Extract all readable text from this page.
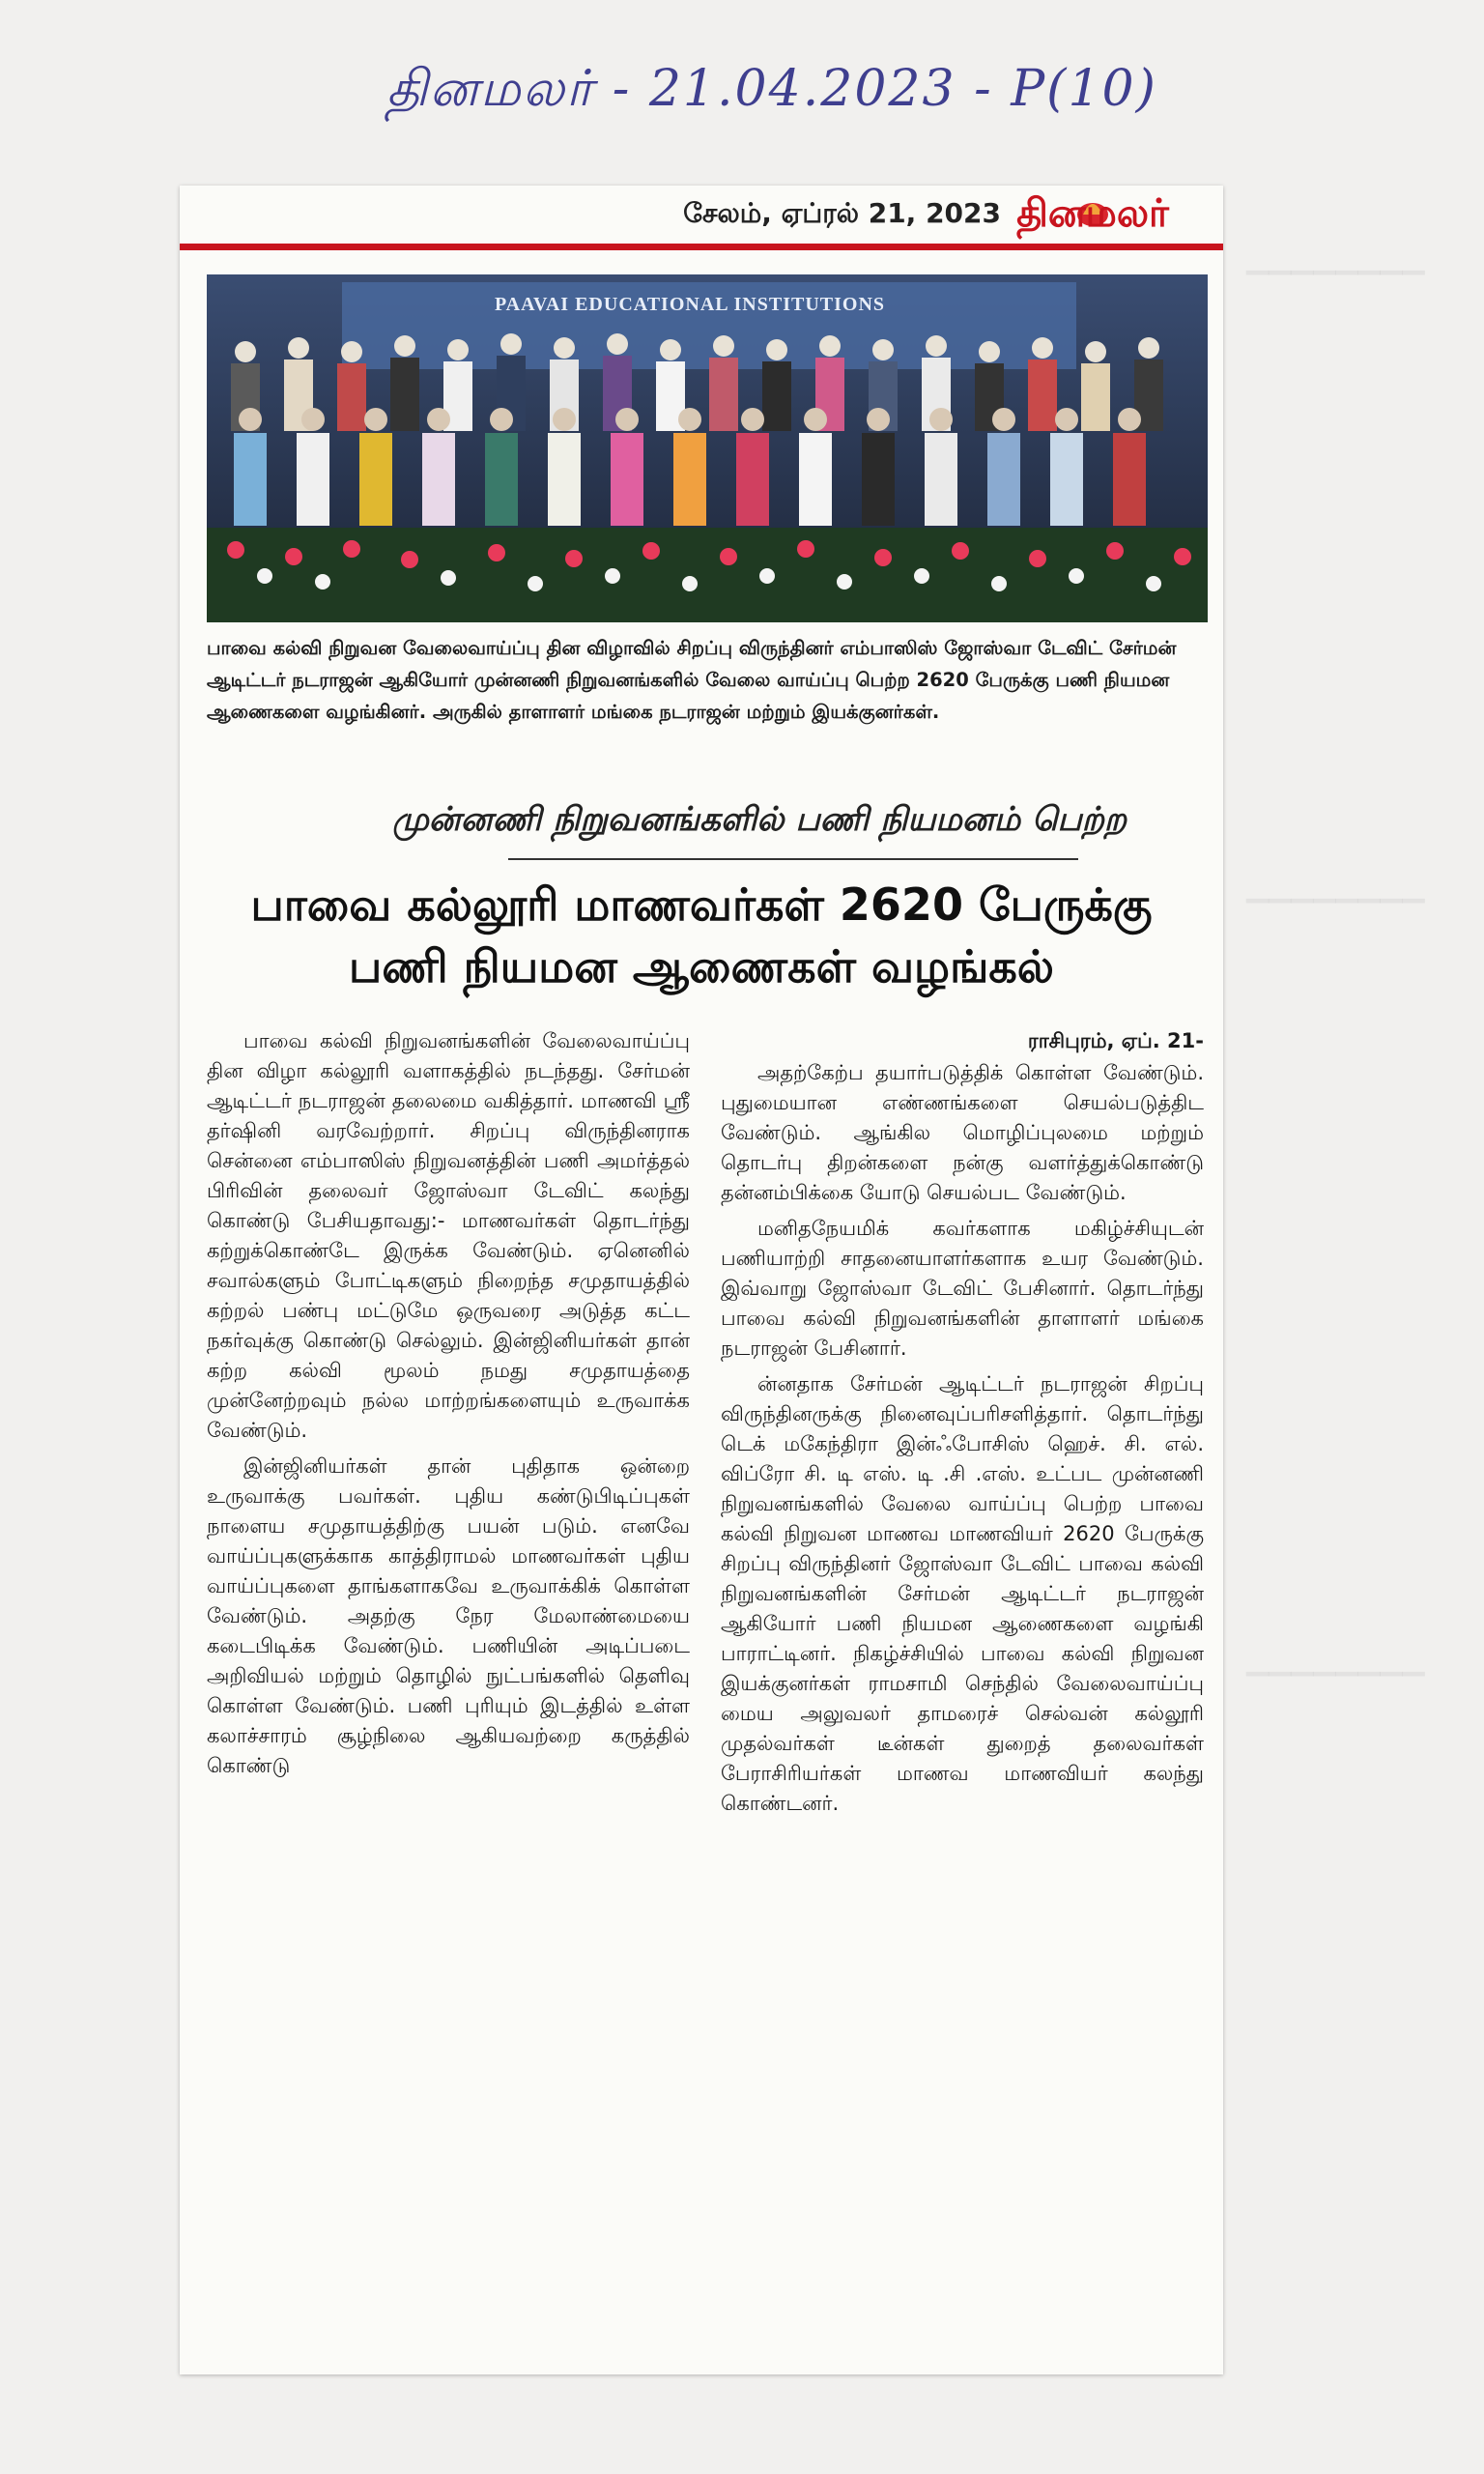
▁▁▁▁▁▁▁▁
▁▁▁▁▁▁▁▁
▁▁▁▁▁▁▁▁
தினமலர் - 21.04.2023 - P(10)
சேலம், ஏப்ரல் 21, 2023 தினமலர்
PAAVAI EDUCATIONAL INSTITUTIONS
பாவை கல்வி நிறுவன வேலைவாய்ப்பு தின விழாவில் சிறப்பு விருந்தினர் எம்பாஸிஸ் ஜோஸ்வா டேவிட் சேர்மன் ஆடிட்டர் நடராஜன் ஆகியோர் முன்னணி நிறுவனங்களில் வேலை வாய்ப்பு பெற்ற 2620 பேருக்கு பணி நியமன ஆணைகளை வழங்கினர். அருகில் தாளாளர் மங்கை நடராஜன் மற்றும் இயக்குனர்கள்.
முன்னணி நிறுவனங்களில் பணி நியமனம் பெற்ற
பாவை கல்லூரி மாணவர்கள் 2620 பேருக்கு
பணி நியமன ஆணைகள் வழங்கல்

பாவை கல்வி நிறுவனங்களின் வேலைவாய்ப்பு தின விழா கல்லூரி வளாகத்தில் நடந்தது. சேர்மன் ஆடிட்டர் நடராஜன் தலைமை வகித்தார். மாணவி ஸ்ரீ தர்ஷினி வரவேற்றார். சிறப்பு விருந்தினராக சென்னை எம்பாஸிஸ் நிறுவனத்தின் பணி அமர்த்தல் பிரிவின் தலைவர் ஜோஸ்வா டேவிட் கலந்து கொண்டு பேசியதாவது:- மாணவர்கள் தொடர்ந்து கற்றுக்கொண்டே இருக்க வேண்டும். ஏனெனில் சவால்களும் போட்டிகளும் நிறைந்த சமுதாயத்தில் கற்றல் பண்பு மட்டுமே ஒருவரை அடுத்த கட்ட நகர்வுக்கு கொண்டு செல்லும். இன்ஜினியர்கள் தான் கற்ற கல்வி மூலம் நமது சமுதாயத்தை முன்னேற்றவும் நல்ல மாற்றங்களையும் உருவாக்க வேண்டும்.

இன்ஜினியர்கள் தான் புதிதாக ஒன்றை உருவாக்கு பவர்கள். புதிய கண்டுபிடிப்புகள் நாளைய சமுதாயத்திற்கு பயன் படும். எனவே வாய்ப்புகளுக்காக காத்திராமல் மாணவர்கள் புதிய வாய்ப்புகளை தாங்களாகவே உருவாக்கிக் கொள்ள வேண்டும். அதற்கு நேர மேலாண்மையை கடைபிடிக்க வேண்டும். பணியின் அடிப்படை அறிவியல் மற்றும் தொழில் நுட்பங்களில் தெளிவு கொள்ள வேண்டும். பணி புரியும் இடத்தில் உள்ள கலாச்சாரம் சூழ்நிலை ஆகியவற்றை கருத்தில் கொண்டு

ராசிபுரம், ஏப். 21-

அதற்கேற்ப தயார்படுத்திக் கொள்ள வேண்டும். புதுமையான எண்ணங்களை செயல்படுத்திட வேண்டும். ஆங்கில மொழிப்புலமை மற்றும் தொடர்பு திறன்களை நன்கு வளர்த்துக்கொண்டு தன்னம்பிக்கை யோடு செயல்பட வேண்டும்.

மனிதநேயமிக் கவர்களாக மகிழ்ச்சியுடன் பணியாற்றி சாதனையாளர்களாக உயர வேண்டும். இவ்வாறு ஜோஸ்வா டேவிட் பேசினார். தொடர்ந்து பாவை கல்வி நிறுவனங்களின் தாளாளர் மங்கை நடராஜன் பேசினார்.

ன்னதாக சேர்மன் ஆடிட்டர் நடராஜன் சிறப்பு விருந்தினருக்கு நினைவுப்பரிசளித்தார். தொடர்ந்து டெக் மகேந்திரா இன்ஃபோசிஸ் ஹெச். சி. எல். விப்ரோ சி. டி எஸ். டி .சி .எஸ். உட்பட முன்னணி நிறுவனங்களில் வேலை வாய்ப்பு பெற்ற பாவை கல்வி நிறுவன மாணவ மாணவியர் 2620 பேருக்கு சிறப்பு விருந்தினர் ஜோஸ்வா டேவிட் பாவை கல்வி நிறுவனங்களின் சேர்மன் ஆடிட்டர் நடராஜன் ஆகியோர் பணி நியமன ஆணைகளை வழங்கி பாராட்டினர். நிகழ்ச்சியில் பாவை கல்வி நிறுவன இயக்குனர்கள் ராமசாமி செந்தில் வேலைவாய்ப்பு மைய அலுவலர் தாமரைச் செல்வன் கல்லூரி முதல்வர்கள் டீன்கள் துறைத் தலைவர்கள் பேராசிரியர்கள் மாணவ மாணவியர் கலந்து கொண்டனர்.
